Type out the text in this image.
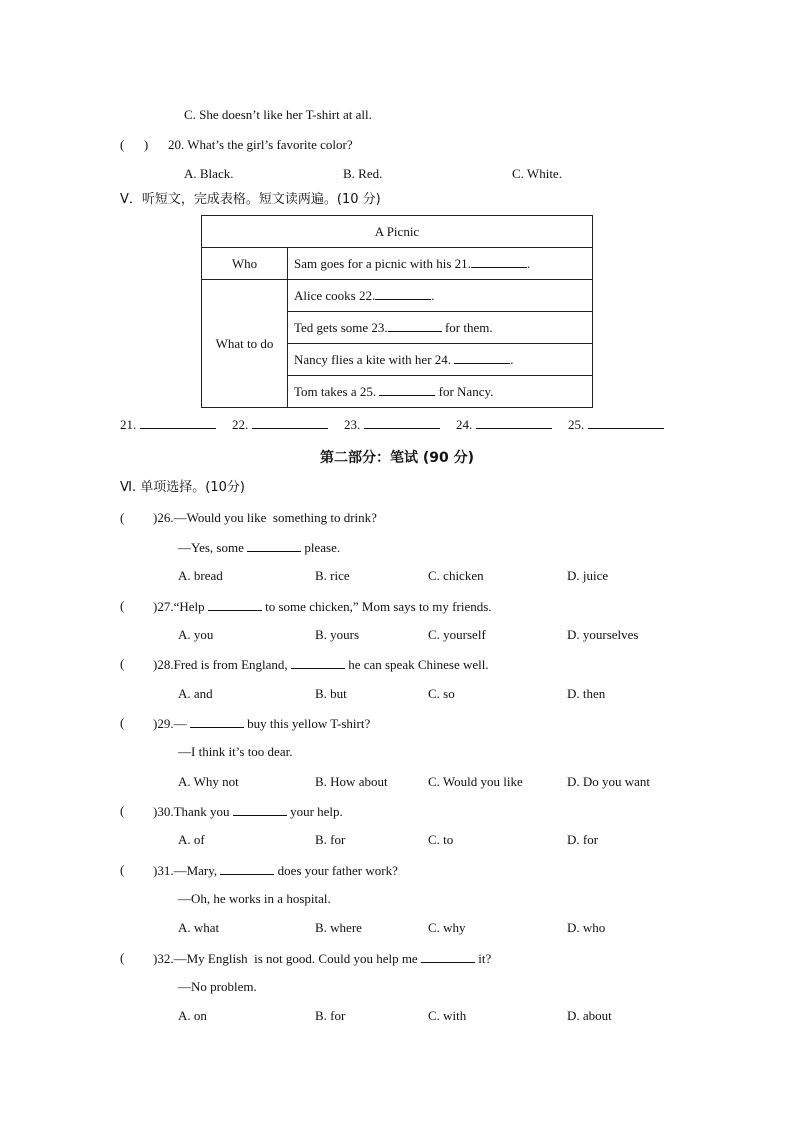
C. She doesn’t like her T-shirt at all.
(      ) 20. What’s the girl’s favorite color?
A. Black.	B. Red.	C. White.
Ⅴ．听短文，完成表格。短文读两遍。(10 分)
A Picnic	
Who	Sam goes for a picnic with his 21. .
What to do	Alice cooks 22. .
	Ted gets some 23. for them.
	Nancy flies a kite with her 24. .
	Tom takes a 25. for Nancy.
21.	22.	23.	24.	25.
第二部分：笔试 (90 分)
Ⅵ. 单项选择。(10分)
( )26.—Would you like  something to drink?
—Yes, some	please.
A. bread	B. rice	C. chicken	D. juice
( )27.“Help	to some chicken,” Mom says to my friends.
A. you	B. yours	C. yourself	D. yourselves
( )28.Fred is from England,	he can speak Chinese well.
A. and	B. but	C. so	D. then
( )29.—	buy this yellow T-shirt?
—I think it’s too dear.
A. Why not	B. How about	C. Would you like	D. Do you want
( )30.Thank you	your help.
A. of	B. for	C. to	D. for
( )31.—Mary,	does your father work?
—Oh, he works in a hospital.
A. what	B. where	C. why	D. who
( )32.—My English  is not good. Could you help me	it?
—No problem.
A. on	B. for	C. with	D. about
